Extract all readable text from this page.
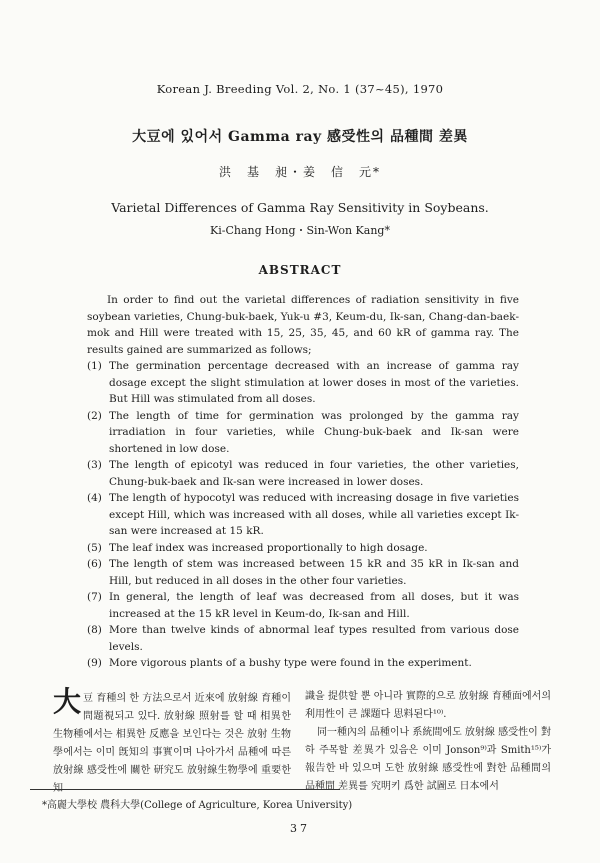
Korean J. Breeding Vol. 2, No. 1 (37~45), 1970
大豆에 있어서 Gamma ray 感受性의 品種間 差異
洪　基　昶・姜　信　元*
Varietal Differences of Gamma Ray Sensitivity in Soybeans.
Ki-Chang Hong・Sin-Won Kang*
ABSTRACT

In order to find out the varietal differences of radiation sensitivity in five soybean varieties, Chung-buk-baek, Yuk-u #3, Keum-du, Ik-san, Chang-dan-baek-mok and Hill were treated with 15, 25, 35, 45, and 60 kR of gamma ray. The results gained are summarized as follows;

(1) The germination percentage decreased with an increase of gamma ray dosage except the slight stimulation at lower doses in most of the varieties. But Hill was stimulated from all doses.
(2) The length of time for germination was prolonged by the gamma ray irradiation in four varieties, while Chung-buk-baek and Ik-san were shortened in low dose.
(3) The length of epicotyl was reduced in four varieties, the other varieties, Chung-buk-baek and Ik-san were increased in lower doses.
(4) The length of hypocotyl was reduced with increasing dosage in five varieties except Hill, which was increased with all doses, while all varieties except Ik-san were increased at 15 kR.
(5) The leaf index was increased proportionally to high dosage.
(6) The length of stem was increased between 15 kR and 35 kR in Ik-san and Hill, but reduced in all doses in the other four varieties.
(7) In general, the length of leaf was decreased from all doses, but it was increased at the 15 kR level in Keum-do, Ik-san and Hill.
(8) More than twelve kinds of abnormal leaf types resulted from various dose levels.
(9) More vigorous plants of a bushy type were found in the experiment.
大豆 育種의 한 方法으로서 近來에 放射線 育種이 問題視되고 있다. 放射線 照射를 할 때 相異한 生物種에서는 相異한 反應을 보인다는 것은 放射 生物學에서는 이미 旣知의 事實이며 나아가서 品種에 따른 放射線 感受性에 關한 研究도 放射線生物學에 重要한 知

識을 提供할 뿐 아니라 實際的으로 放射線 育種面에서의 利用性이 큰 課題다 思料된다¹⁰⁾.

同一種內의 品種이나 系統間에도 放射線 感受性이 對하 주목할 差異가 있음은 이미 Jonson⁹⁾과 Smith¹⁵⁾가 報告한 바 있으며 도한 放射線 感受性에 對한 品種間의 品種間 差異를 究明키 爲한 試圖로 日本에서

*高麗大學校 農科大學(College of Agriculture, Korea University)
37
